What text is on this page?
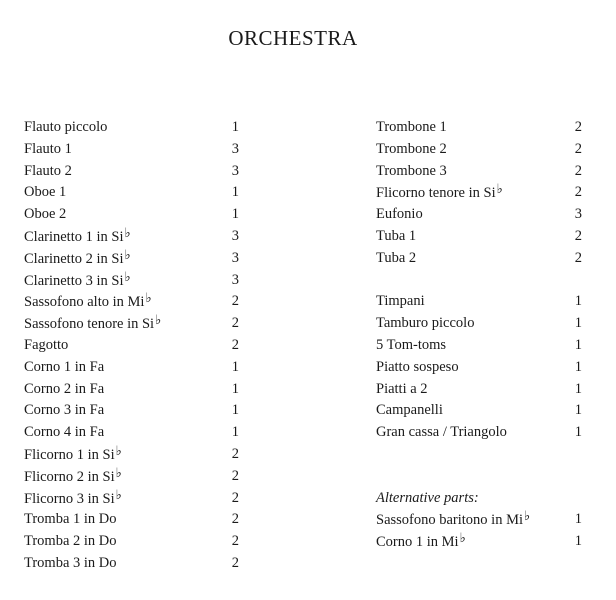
ORCHESTRA
Flauto piccolo	1
Flauto 1	3
Flauto 2	3
Oboe 1	1
Oboe 2	1
Clarinetto 1 in Si♭	3
Clarinetto 2 in Si♭	3
Clarinetto 3 in Si♭	3
Sassofono alto in Mi♭	2
Sassofono tenore in Si♭	2
Fagotto	2
Corno 1 in Fa	1
Corno 2 in Fa	1
Corno 3 in Fa	1
Corno 4 in Fa	1
Flicorno 1 in Si♭	2
Flicorno 2 in Si♭	2
Flicorno 3 in Si♭	2
Tromba 1 in Do	2
Tromba 2 in Do	2
Tromba 3 in Do	2
Trombone 1	2
Trombone 2	2
Trombone 3	2
Flicorno tenore in Si♭	2
Eufonio	3
Tuba 1	2
Tuba 2	2
Timpani	1
Tamburo piccolo	1
5 Tom-toms	1
Piatto sospeso	1
Piatti a 2	1
Campanelli	1
Gran cassa / Triangolo	1
Alternative parts:
Sassofono baritono in Mi♭	1
Corno 1 in Mi♭	1
